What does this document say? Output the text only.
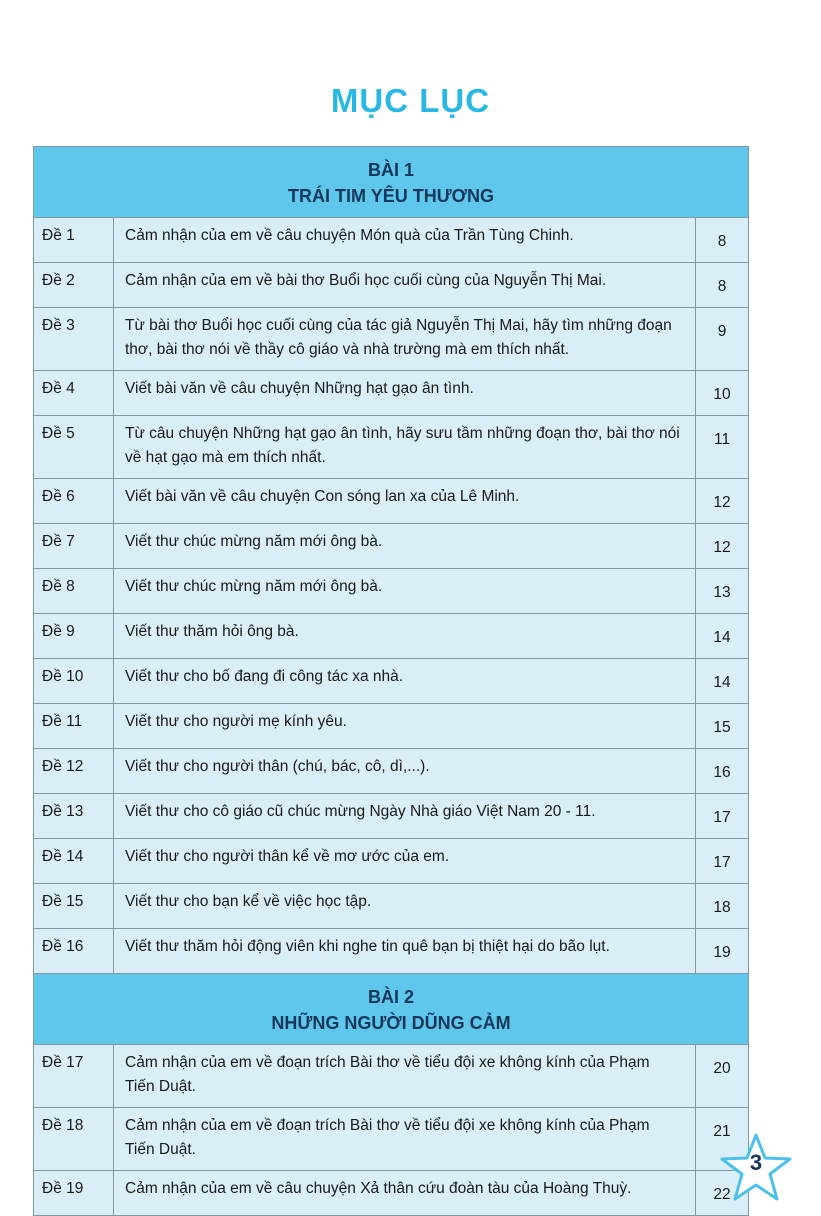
MỤC LỤC
BÀI 1
TRÁI TIM YÊU THƯƠNG		

Đề 1	Cảm nhận của em về câu chuyện Món quà của Trần Tùng Chinh.	8
Đề 2	Cảm nhận của em về bài thơ Buổi học cuối cùng của Nguyễn Thị Mai.	8
Đề 3	Từ bài thơ Buổi học cuối cùng của tác giả Nguyễn Thị Mai, hãy tìm những đoạn thơ, bài thơ nói về thầy cô giáo và nhà trường mà em thích nhất.	9
Đề 4	Viết bài văn về câu chuyện Những hạt gạo ân tình.	10
Đề 5	Từ câu chuyện Những hạt gạo ân tình, hãy sưu tầm những đoạn thơ, bài thơ nói về hạt gạo mà em thích nhất.	11
Đề 6	Viết bài văn về câu chuyện Con sóng lan xa của Lê Minh.	12
Đề 7	Viết thư chúc mừng năm mới ông bà.	12
Đề 8	Viết thư chúc mừng năm mới ông bà.	13
Đề 9	Viết thư thăm hỏi ông bà.	14
Đề 10	Viết thư cho bố đang đi công tác xa nhà.	14
Đề 11	Viết thư cho người mẹ kính yêu.	15
Đề 12	Viết thư cho người thân (chú, bác, cô, dì,...).	16
Đề 13	Viết thư cho cô giáo cũ chúc mừng Ngày Nhà giáo Việt Nam 20 - 11.	17
Đề 14	Viết thư cho người thân kể về mơ ước của em.	17
Đề 15	Viết thư cho bạn kể về việc học tập.	18
Đề 16	Viết thư thăm hỏi động viên khi nghe tin quê bạn bị thiệt hại do bão lụt.	19

BÀI 2
NHỮNG NGƯỜI DŨNG CẢM		

Đề 17	Cảm nhận của em về đoạn trích Bài thơ về tiểu đội xe không kính của Phạm Tiến Duật.	20
Đề 18	Cảm nhận của em về đoạn trích Bài thơ về tiểu đội xe không kính của Phạm Tiến Duật.	21
Đề 19	Cảm nhận của em về câu chuyện Xả thân cứu đoàn tàu của Hoàng Thuỳ.	22
3
